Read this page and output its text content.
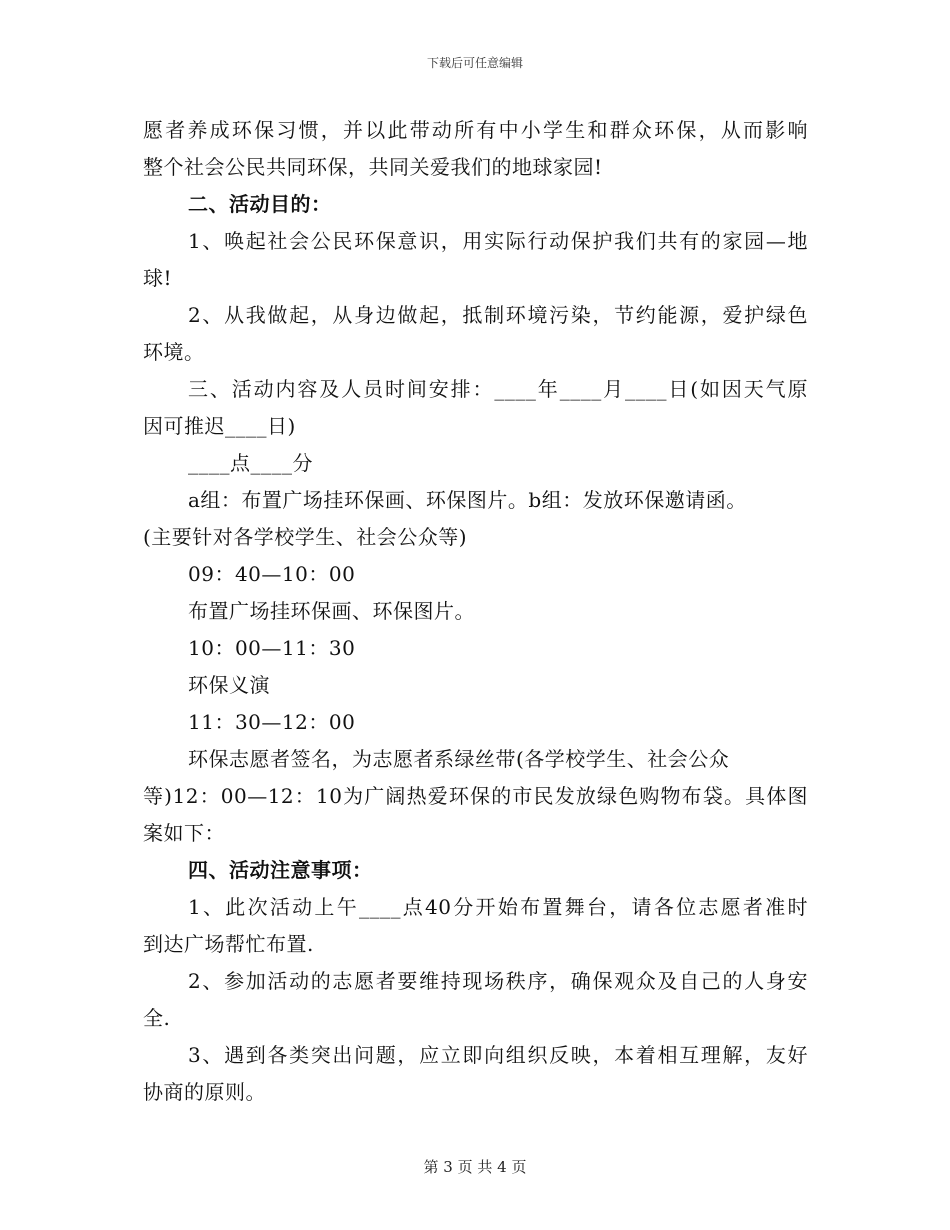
下载后可任意编辑
愿者养成环保习惯，并以此带动所有中小学生和群众环保，从而影响
整个社会公民共同环保，共同关爱我们的地球家园!
二、活动目的：
1、唤起社会公民环保意识，用实际行动保护我们共有的家园—地
球!
2、从我做起，从身边做起，抵制环境污染，节约能源，爱护绿色
环境。
三、活动内容及人员时间安排：____年____月____日(如因天气原
因可推迟____日)
____点____分
a组：布置广场挂环保画、环保图片。b组：发放环保邀请函。
(主要针对各学校学生、社会公众等)
09：40—10：00
布置广场挂环保画、环保图片。
10：00—11：30
环保义演
11：30—12：00
环保志愿者签名，为志愿者系绿丝带(各学校学生、社会公众
等)12：00—12：10为广阔热爱环保的市民发放绿色购物布袋。具体图
案如下：
四、活动注意事项：
1、此次活动上午____点40分开始布置舞台，请各位志愿者准时
到达广场帮忙布置.
2、参加活动的志愿者要维持现场秩序，确保观众及自己的人身安
全.
3、遇到各类突出问题，应立即向组织反映，本着相互理解，友好
协商的原则。
第 3 页 共 4 页
